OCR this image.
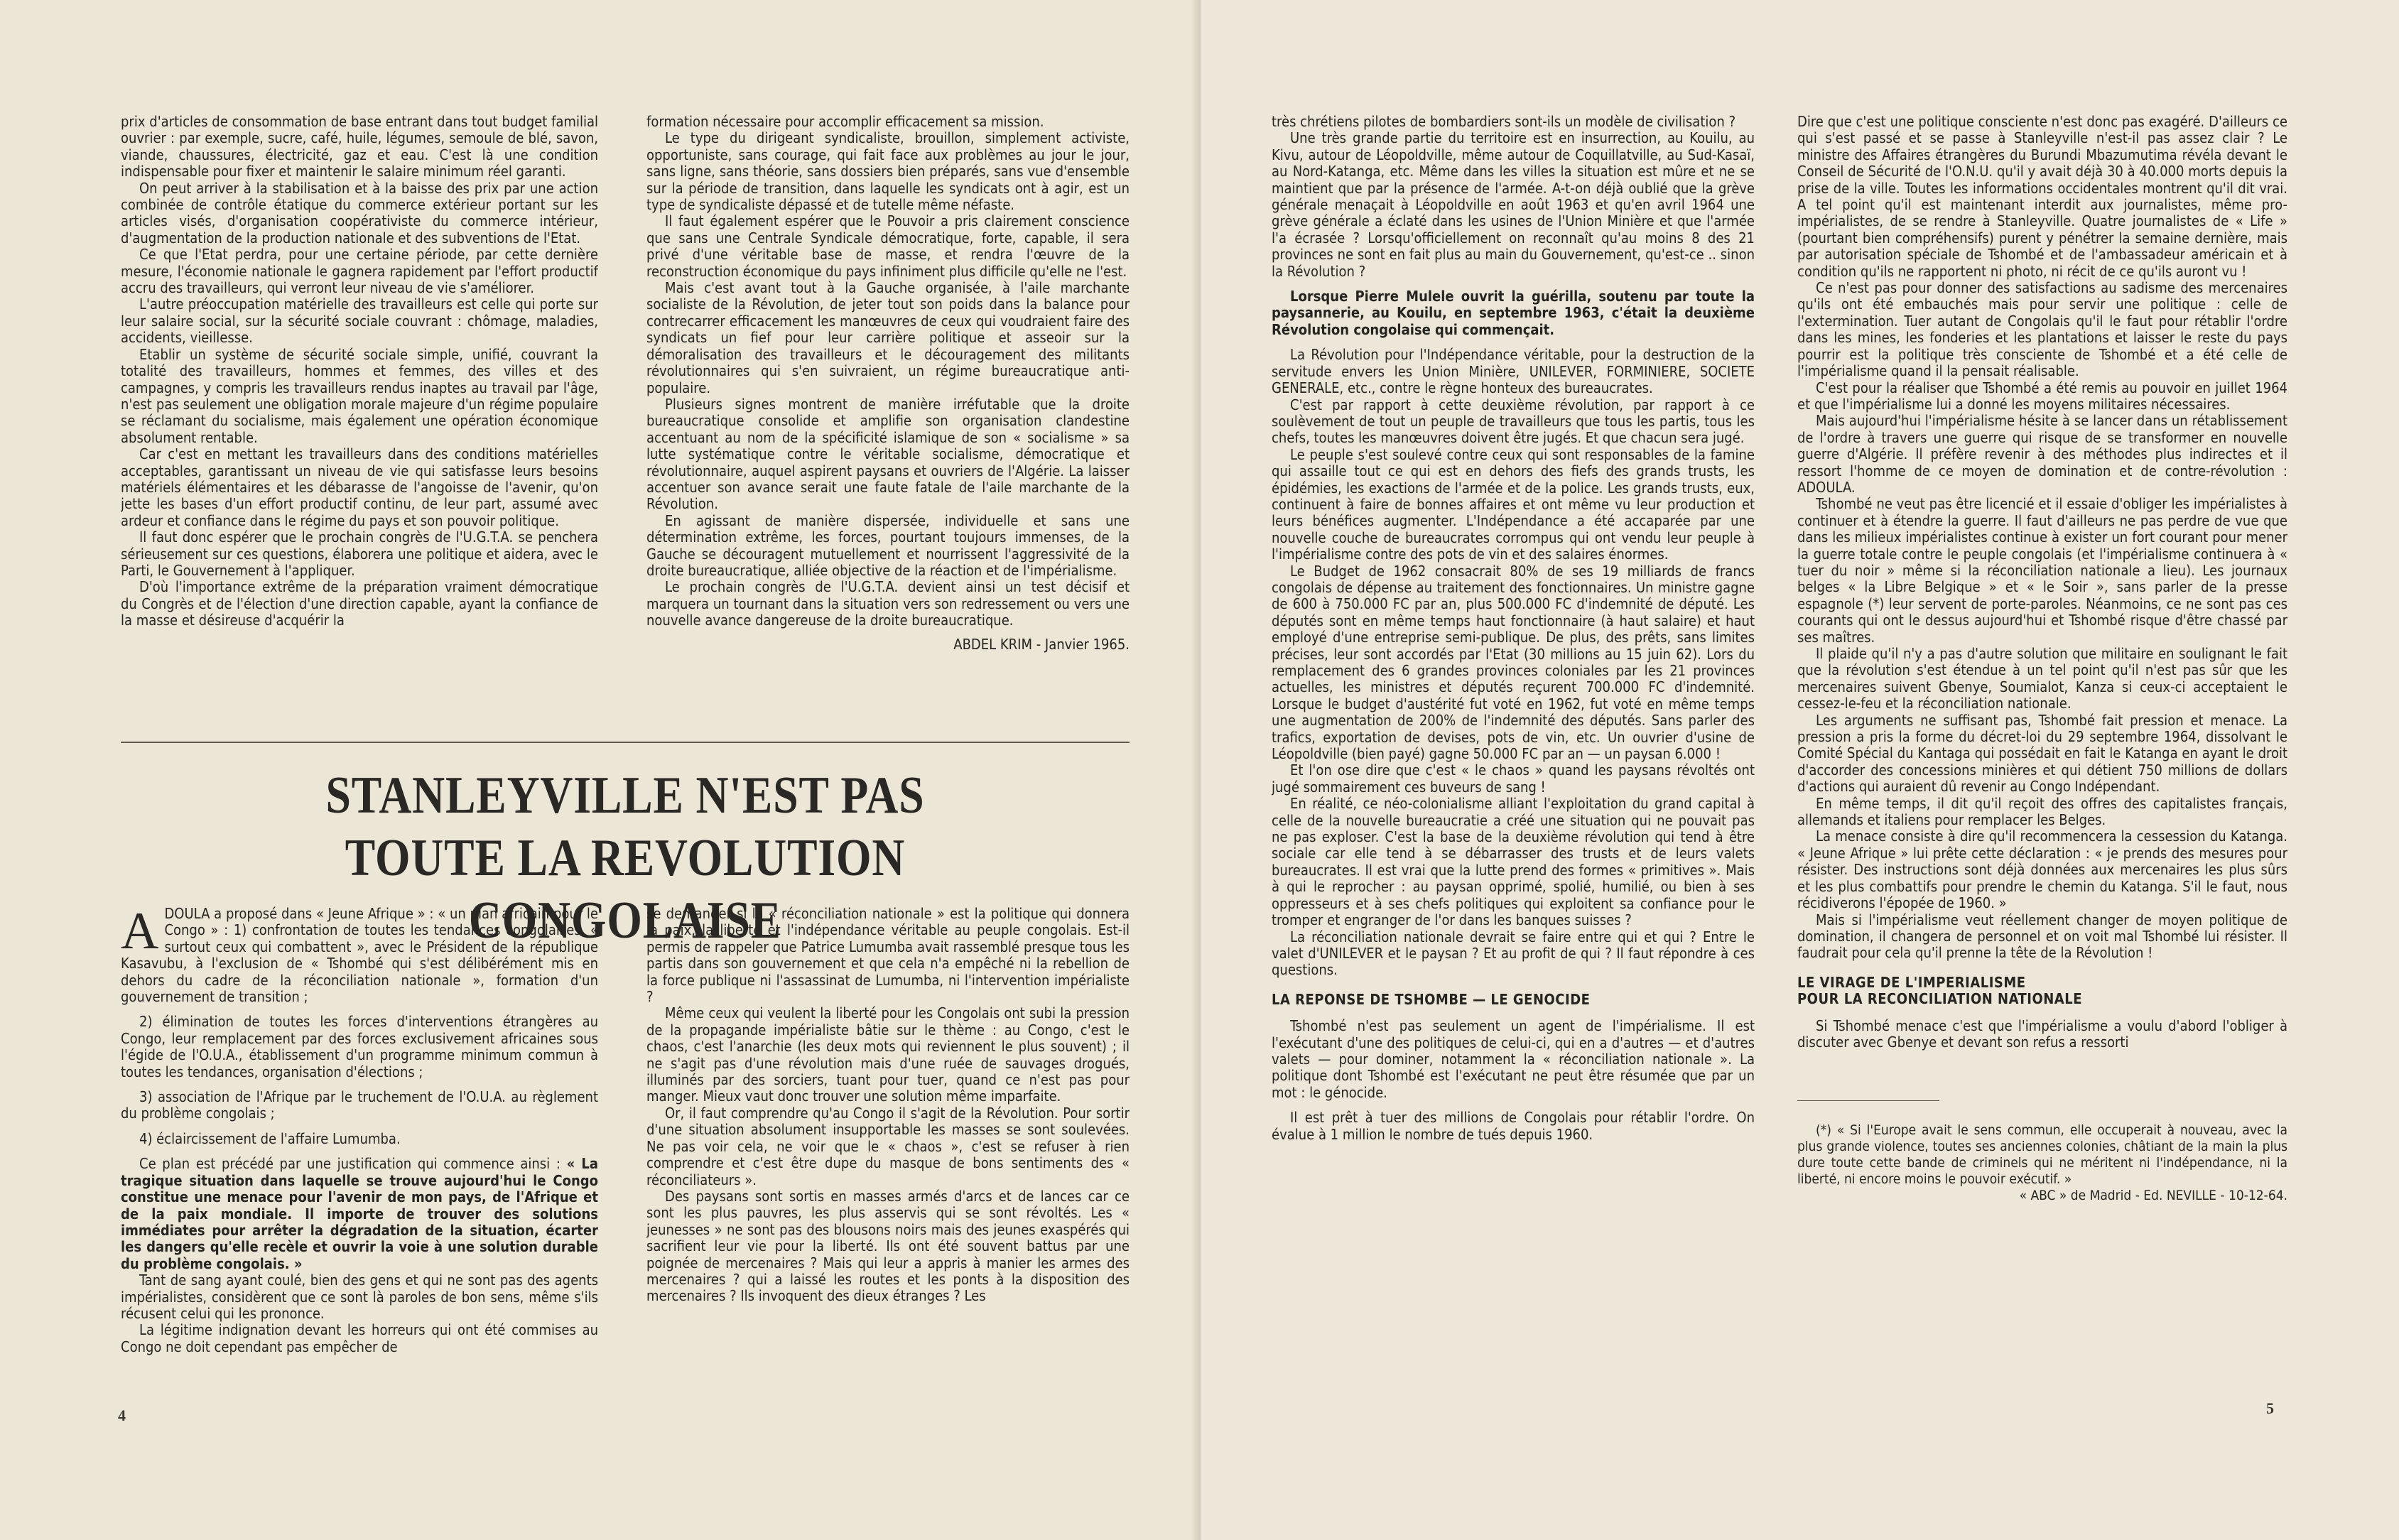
prix d'articles de consommation de base entrant dans tout budget familial ouvrier : par exemple, sucre, café, huile, légumes, semoule de blé, savon, viande, chaussures, électricité, gaz et eau. C'est là une condition indispensable pour fixer et maintenir le salaire minimum réel garanti.

On peut arriver à la stabilisation et à la baisse des prix par une action combinée de contrôle étatique du commerce extérieur portant sur les articles visés, d'organisation coopérativiste du commerce intérieur, d'augmentation de la production nationale et des subventions de l'Etat.

Ce que l'Etat perdra, pour une certaine période, par cette dernière mesure, l'économie nationale le gagnera rapidement par l'effort productif accru des travailleurs, qui verront leur niveau de vie s'améliorer.

L'autre préoccupation matérielle des travailleurs est celle qui porte sur leur salaire social, sur la sécurité sociale couvrant : chômage, maladies, accidents, vieillesse.

Etablir un système de sécurité sociale simple, unifié, couvrant la totalité des travailleurs, hommes et femmes, des villes et des campagnes, y compris les travailleurs rendus inaptes au travail par l'âge, n'est pas seulement une obligation morale majeure d'un régime populaire se réclamant du socialisme, mais également une opération économique absolument rentable.

Car c'est en mettant les travailleurs dans des conditions matérielles acceptables, garantissant un niveau de vie qui satisfasse leurs besoins matériels élémentaires et les débarasse de l'angoisse de l'avenir, qu'on jette les bases d'un effort productif continu, de leur part, assumé avec ardeur et confiance dans le régime du pays et son pouvoir politique.

Il faut donc espérer que le prochain congrès de l'U.G.T.A. se penchera sérieusement sur ces questions, élaborera une politique et aidera, avec le Parti, le Gouvernement à l'appliquer.

D'où l'importance extrême de la préparation vraiment démocratique du Congrès et de l'élection d'une direction capable, ayant la confiance de la masse et désireuse d'acquérir la

formation nécessaire pour accomplir efficacement sa mission.

Le type du dirigeant syndicaliste, brouillon, simplement activiste, opportuniste, sans courage, qui fait face aux problèmes au jour le jour, sans ligne, sans théorie, sans dossiers bien préparés, sans vue d'ensemble sur la période de transition, dans laquelle les syndicats ont à agir, est un type de syndicaliste dépassé et de tutelle même néfaste.

Il faut également espérer que le Pouvoir a pris clairement conscience que sans une Centrale Syndicale démocratique, forte, capable, il sera privé d'une véritable base de masse, et rendra l'œuvre de la reconstruction économique du pays infiniment plus difficile qu'elle ne l'est.

Mais c'est avant tout à la Gauche organisée, à l'aile marchante socialiste de la Révolution, de jeter tout son poids dans la balance pour contrecarrer efficacement les manœuvres de ceux qui voudraient faire des syndicats un fief pour leur carrière politique et asseoir sur la démoralisation des travailleurs et le découragement des militants révolutionnaires qui s'en suivraient, un régime bureaucratique anti-populaire.

Plusieurs signes montrent de manière irréfutable que la droite bureaucratique consolide et amplifie son organisation clandestine accentuant au nom de la spécificité islamique de son « socialisme » sa lutte systématique contre le véritable socialisme, démocratique et révolutionnaire, auquel aspirent paysans et ouvriers de l'Algérie. La laisser accentuer son avance serait une faute fatale de l'aile marchante de la Révolution.

En agissant de manière dispersée, individuelle et sans une détermination extrême, les forces, pourtant toujours immenses, de la Gauche se découragent mutuellement et nourrissent l'aggressivité de la droite bureaucratique, alliée objective de la réaction et de l'impérialisme.

Le prochain congrès de l'U.G.T.A. devient ainsi un test décisif et marquera un tournant dans la situation vers son redressement ou vers une nouvelle avance dangereuse de la droite bureaucratique.

ABDEL KRIM - Janvier 1965.

STANLEYVILLE N'EST PAS
TOUTE LA REVOLUTION CONGOLAISE

ADOULA a proposé dans « Jeune Afrique » : « un plan africain pour le Congo » : 1) confrontation de toutes les tendances congolaises, « surtout ceux qui combattent », avec le Président de la république Kasavubu, à l'exclusion de « Tshombé qui s'est délibérément mis en dehors du cadre de la réconciliation nationale », formation d'un gouvernement de transition ;

2) élimination de toutes les forces d'interventions étrangères au Congo, leur remplacement par des forces exclusivement africaines sous l'égide de l'O.U.A., établissement d'un programme minimum commun à toutes les tendances, organisation d'élections ;

3) association de l'Afrique par le truchement de l'O.U.A. au règlement du problème congolais ;

4) éclaircissement de l'affaire Lumumba.

Ce plan est précédé par une justification qui commence ainsi : « La tragique situation dans laquelle se trouve aujourd'hui le Congo constitue une menace pour l'avenir de mon pays, de l'Afrique et de la paix mondiale. Il importe de trouver des solutions immédiates pour arrêter la dégradation de la situation, écarter les dangers qu'elle recèle et ouvrir la voie à une solution durable du problème congolais. »

Tant de sang ayant coulé, bien des gens et qui ne sont pas des agents impérialistes, considèrent que ce sont là paroles de bon sens, même s'ils récusent celui qui les prononce.

La légitime indignation devant les horreurs qui ont été commises au Congo ne doit cependant pas empêcher de

se demander si la « réconciliation nationale » est la politique qui donnera la paix, la liberté et l'indépendance véritable au peuple congolais. Est-il permis de rappeler que Patrice Lumumba avait rassemblé presque tous les partis dans son gouvernement et que cela n'a empêché ni la rebellion de la force publique ni l'assassinat de Lumumba, ni l'intervention impérialiste ?

Même ceux qui veulent la liberté pour les Congolais ont subi la pression de la propagande impérialiste bâtie sur le thème : au Congo, c'est le chaos, c'est l'anarchie (les deux mots qui reviennent le plus souvent) ; il ne s'agit pas d'une révolution mais d'une ruée de sauvages drogués, illuminés par des sorciers, tuant pour tuer, quand ce n'est pas pour manger. Mieux vaut donc trouver une solution même imparfaite.

Or, il faut comprendre qu'au Congo il s'agit de la Révolution. Pour sortir d'une situation absolument insupportable les masses se sont soulevées. Ne pas voir cela, ne voir que le « chaos », c'est se refuser à rien comprendre et c'est être dupe du masque de bons sentiments des « réconciliateurs ».

Des paysans sont sortis en masses armés d'arcs et de lances car ce sont les plus pauvres, les plus asservis qui se sont révoltés. Les « jeunesses » ne sont pas des blousons noirs mais des jeunes exaspérés qui sacrifient leur vie pour la liberté. Ils ont été souvent battus par une poignée de mercenaires ? Mais qui leur a appris à manier les armes des mercenaires ? qui a laissé les routes et les ponts à la disposition des mercenaires ? Ils invoquent des dieux étranges ? Les

4

très chrétiens pilotes de bombardiers sont-ils un modèle de civilisation ?

Une très grande partie du territoire est en insurrection, au Kouilu, au Kivu, autour de Léopoldville, même autour de Coquillatville, au Sud-Kasaï, au Nord-Katanga, etc. Même dans les villes la situation est mûre et ne se maintient que par la présence de l'armée. A-t-on déjà oublié que la grève générale menaçait à Léopoldville en août 1963 et qu'en avril 1964 une grève générale a éclaté dans les usines de l'Union Minière et que l'armée l'a écrasée ? Lorsqu'officiellement on reconnaît qu'au moins 8 des 21 provinces ne sont en fait plus au main du Gouvernement, qu'est-ce .. sinon la Révolution ?

Lorsque Pierre Mulele ouvrit la guérilla, soutenu par toute la paysannerie, au Kouilu, en septembre 1963, c'était la deuxième Révolution congolaise qui commençait.

La Révolution pour l'Indépendance véritable, pour la destruction de la servitude envers les Union Minière, UNILEVER, FORMINIERE, SOCIETE GENERALE, etc., contre le règne honteux des bureaucrates.

C'est par rapport à cette deuxième révolution, par rapport à ce soulèvement de tout un peuple de travailleurs que tous les partis, tous les chefs, toutes les manœuvres doivent être jugés. Et que chacun sera jugé.

Le peuple s'est soulevé contre ceux qui sont responsables de la famine qui assaille tout ce qui est en dehors des fiefs des grands trusts, les épidémies, les exactions de l'armée et de la police. Les grands trusts, eux, continuent à faire de bonnes affaires et ont même vu leur production et leurs bénéfices augmenter. L'Indépendance a été accaparée par une nouvelle couche de bureaucrates corrompus qui ont vendu leur peuple à l'impérialisme contre des pots de vin et des salaires énormes.

Le Budget de 1962 consacrait 80% de ses 19 milliards de francs congolais de dépense au traitement des fonctionnaires. Un ministre gagne de 600 à 750.000 FC par an, plus 500.000 FC d'indemnité de député. Les députés sont en même temps haut fonctionnaire (à haut salaire) et haut employé d'une entreprise semi-publique. De plus, des prêts, sans limites précises, leur sont accordés par l'Etat (30 millions au 15 juin 62). Lors du remplacement des 6 grandes provinces coloniales par les 21 provinces actuelles, les ministres et députés reçurent 700.000 FC d'indemnité. Lorsque le budget d'austérité fut voté en 1962, fut voté en même temps une augmentation de 200% de l'indemnité des députés. Sans parler des trafics, exportation de devises, pots de vin, etc. Un ouvrier d'usine de Léopoldville (bien payé) gagne 50.000 FC par an — un paysan 6.000 !

Et l'on ose dire que c'est « le chaos » quand les paysans révoltés ont jugé sommairement ces buveurs de sang !

En réalité, ce néo-colonialisme alliant l'exploitation du grand capital à celle de la nouvelle bureaucratie a créé une situation qui ne pouvait pas ne pas exploser. C'est la base de la deuxième révolution qui tend à être sociale car elle tend à se débarrasser des trusts et de leurs valets bureaucrates. Il est vrai que la lutte prend des formes « primitives ». Mais à qui le reprocher : au paysan opprimé, spolié, humilié, ou bien à ses oppresseurs et à ses chefs politiques qui exploitent sa confiance pour le tromper et engranger de l'or dans les banques suisses ?

La réconciliation nationale devrait se faire entre qui et qui ? Entre le valet d'UNILEVER et le paysan ? Et au profit de qui ? Il faut répondre à ces questions.

LA REPONSE DE TSHOMBE — LE GENOCIDE

Tshombé n'est pas seulement un agent de l'impérialisme. Il est l'exécutant d'une des politiques de celui-ci, qui en a d'autres — et d'autres valets — pour dominer, notamment la « réconciliation nationale ». La politique dont Tshombé est l'exécutant ne peut être résumée que par un mot : le génocide.

Il est prêt à tuer des millions de Congolais pour rétablir l'ordre. On évalue à 1 million le nombre de tués depuis 1960.

Dire que c'est une politique consciente n'est donc pas exagéré. D'ailleurs ce qui s'est passé et se passe à Stanleyville n'est-il pas assez clair ? Le ministre des Affaires étrangères du Burundi Mbazumutima révéla devant le Conseil de Sécurité de l'O.N.U. qu'il y avait déjà 30 à 40.000 morts depuis la prise de la ville. Toutes les informations occidentales montrent qu'il dit vrai. A tel point qu'il est maintenant interdit aux journalistes, même pro-impérialistes, de se rendre à Stanleyville. Quatre journalistes de « Life » (pourtant bien compréhensifs) purent y pénétrer la semaine dernière, mais par autorisation spéciale de Tshombé et de l'ambassadeur américain et à condition qu'ils ne rapportent ni photo, ni récit de ce qu'ils auront vu !

Ce n'est pas pour donner des satisfactions au sadisme des mercenaires qu'ils ont été embauchés mais pour servir une politique : celle de l'extermination. Tuer autant de Congolais qu'il le faut pour rétablir l'ordre dans les mines, les fonderies et les plantations et laisser le reste du pays pourrir est la politique très consciente de Tshombé et a été celle de l'impérialisme quand il la pensait réalisable.

C'est pour la réaliser que Tshombé a été remis au pouvoir en juillet 1964 et que l'impérialisme lui a donné les moyens militaires nécessaires.

Mais aujourd'hui l'impérialisme hésite à se lancer dans un rétablissement de l'ordre à travers une guerre qui risque de se transformer en nouvelle guerre d'Algérie. Il préfère revenir à des méthodes plus indirectes et il ressort l'homme de ce moyen de domination et de contre-révolution : ADOULA.

Tshombé ne veut pas être licencié et il essaie d'obliger les impérialistes à continuer et à étendre la guerre. Il faut d'ailleurs ne pas perdre de vue que dans les milieux impérialistes continue à exister un fort courant pour mener la guerre totale contre le peuple congolais (et l'impérialisme continuera à « tuer du noir » même si la réconciliation nationale a lieu). Les journaux belges « la Libre Belgique » et « le Soir », sans parler de la presse espagnole (*) leur servent de porte-paroles. Néanmoins, ce ne sont pas ces courants qui ont le dessus aujourd'hui et Tshombé risque d'être chassé par ses maîtres.

Il plaide qu'il n'y a pas d'autre solution que militaire en soulignant le fait que la révolution s'est étendue à un tel point qu'il n'est pas sûr que les mercenaires suivent Gbenye, Soumialot, Kanza si ceux-ci acceptaient le cessez-le-feu et la réconciliation nationale.

Les arguments ne suffisant pas, Tshombé fait pression et menace. La pression a pris la forme du décret-loi du 29 septembre 1964, dissolvant le Comité Spécial du Kantaga qui possédait en fait le Katanga en ayant le droit d'accorder des concessions minières et qui détient 750 millions de dollars d'actions qui auraient dû revenir au Congo Indépendant.

En même temps, il dit qu'il reçoit des offres des capitalistes français, allemands et italiens pour remplacer les Belges.

La menace consiste à dire qu'il recommencera la cessession du Katanga. « Jeune Afrique » lui prête cette déclaration : « je prends des mesures pour résister. Des instructions sont déjà données aux mercenaires les plus sûrs et les plus combattifs pour prendre le chemin du Katanga. S'il le faut, nous récidiverons l'épopée de 1960. »

Mais si l'impérialisme veut réellement changer de moyen politique de domination, il changera de personnel et on voit mal Tshombé lui résister. Il faudrait pour cela qu'il prenne la tête de la Révolution !

LE VIRAGE DE L'IMPERIALISME
POUR LA RECONCILIATION NATIONALE

Si Tshombé menace c'est que l'impérialisme a voulu d'abord l'obliger à discuter avec Gbenye et devant son refus a ressorti

(*) « Si l'Europe avait le sens commun, elle occuperait à nouveau, avec la plus grande violence, toutes ses anciennes colonies, châtiant de la main la plus dure toute cette bande de criminels qui ne méritent ni l'indépendance, ni la liberté, ni encore moins le pouvoir exécutif. »

« ABC » de Madrid - Ed. NEVILLE - 10-12-64.

5
